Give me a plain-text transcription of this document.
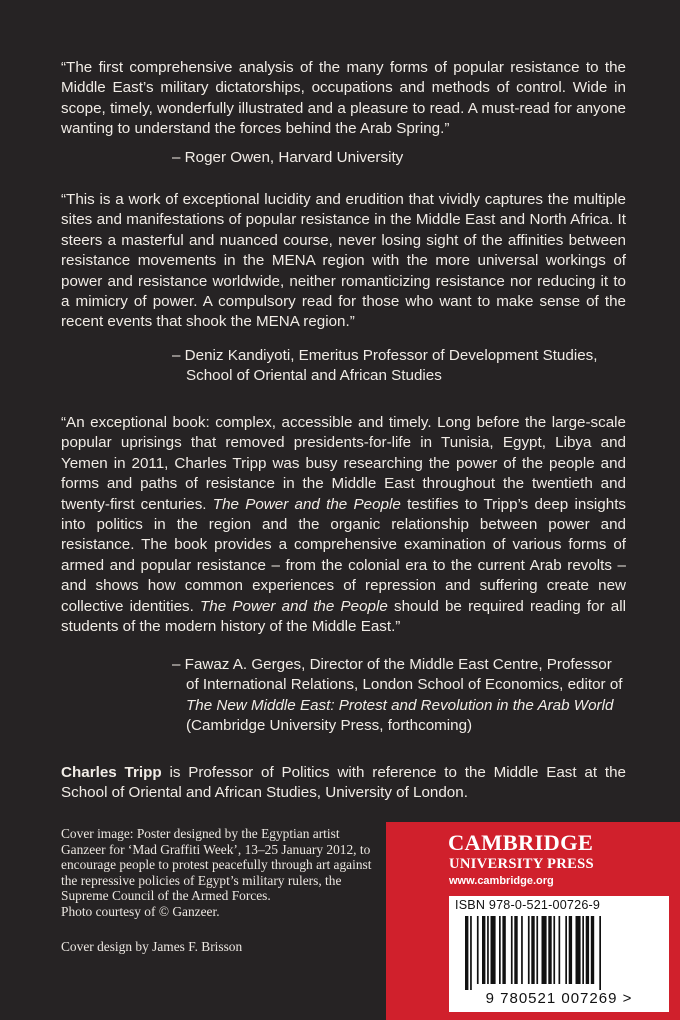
“The first comprehensive analysis of the many forms of popular resistance to the Middle East’s military dictatorships, occupations and methods of control. Wide in scope, timely, wonderfully illustrated and a pleasure to read. A must-read for anyone wanting to understand the forces behind the Arab Spring.”

– Roger Owen, Harvard University

“This is a work of exceptional lucidity and erudition that vividly captures the multiple sites and manifestations of popular resistance in the Middle East and North Africa. It steers a masterful and nuanced course, never losing sight of the affinities between resistance movements in the MENA region with the more universal workings of power and resistance worldwide, neither romanticizing resistance nor reducing it to a mimicry of power. A compulsory read for those who want to make sense of the recent events that shook the MENA region.”

– Deniz Kandiyoti, Emeritus Professor of Development Studies,
School of Oriental and African Studies

“An exceptional book: complex, accessible and timely. Long before the large-scale popular uprisings that removed presidents-for-life in Tunisia, Egypt, Libya and Yemen in 2011, Charles Tripp was busy researching the power of the people and forms and paths of resistance in the Middle East throughout the twentieth and twenty-first centuries. The Power and the People testifies to Tripp’s deep insights into politics in the region and the organic relationship between power and resistance. The book provides a comprehensive examination of various forms of armed and popular resistance – from the colonial era to the current Arab revolts – and shows how common experiences of repression and suffering create new collective identities. The Power and the People should be required reading for all students of the modern history of the Middle East.”

– Fawaz A. Gerges, Director of the Middle East Centre, Professor
of International Relations, London School of Economics, editor of The New Middle East: Protest and Revolution in the Arab World (Cambridge University Press, forthcoming)

Charles Tripp is Professor of Politics with reference to the Middle East at the School of Oriental and African Studies, University of London.

Cover image: Poster designed by the Egyptian artist Ganzeer for ‘Mad Graffiti Week’, 13–25 January 2012, to encourage people to protest peacefully through art against the repressive policies of Egypt’s military rulers, the Supreme Council of the Armed Forces.

Photo courtesy of © Ganzeer.

Cover design by James F. Brisson
CAMBRIDGE
UNIVERSITY PRESS
www.cambridge.org
ISBN 978-0-521-00726-9
9 780521 007269 >
